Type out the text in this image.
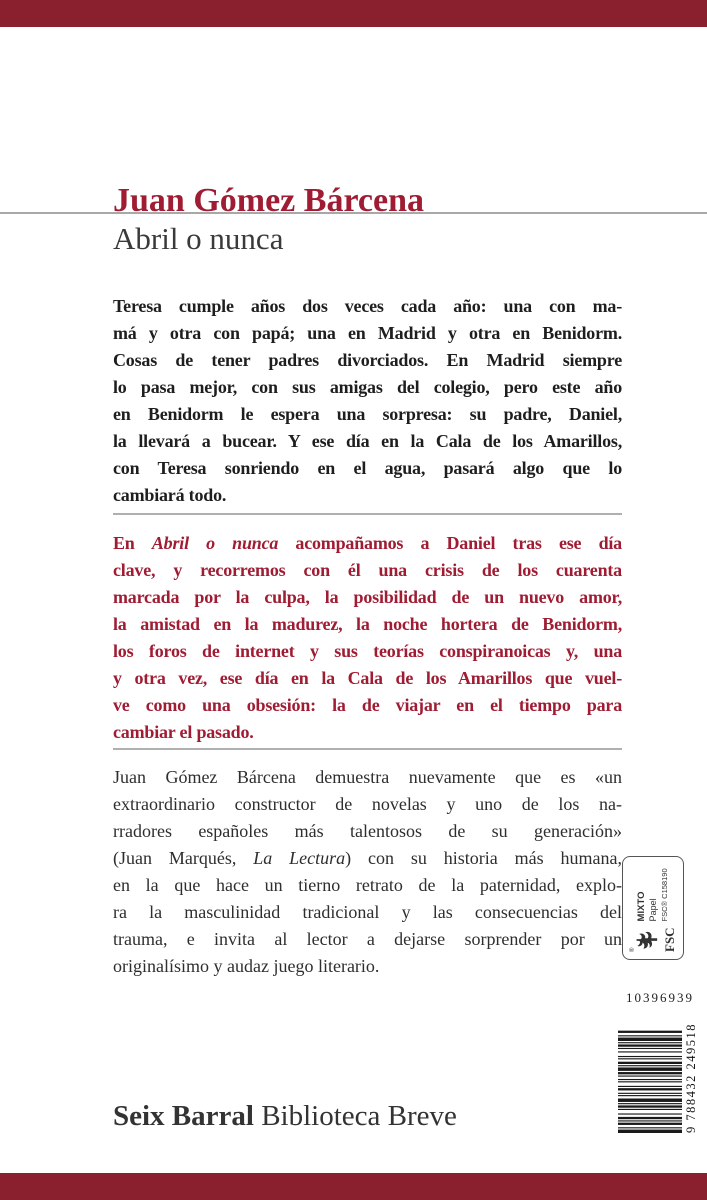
Juan Gómez Bárcena
Abril o nunca
Teresa cumple años dos veces cada año: una con ma-
má y otra con papá; una en Madrid y otra en Benidorm.
Cosas de tener padres divorciados. En Madrid siempre
lo pasa mejor, con sus amigas del colegio, pero este año
en Benidorm le espera una sorpresa: su padre, Daniel,
la llevará a bucear. Y ese día en la Cala de los Amarillos,
con Teresa sonriendo en el agua, pasará algo que lo
cambiará todo.
En Abril o nunca acompañamos a Daniel tras ese día
clave, y recorremos con él una crisis de los cuarenta
marcada por la culpa, la posibilidad de un nuevo amor,
la amistad en la madurez, la noche hortera de Benidorm,
los foros de internet y sus teorías conspiranoicas y, una
y otra vez, ese día en la Cala de los Amarillos que vuel-
ve como una obsesión: la de viajar en el tiempo para
cambiar el pasado.
Juan Gómez Bárcena demuestra nuevamente que es «un
extraordinario constructor de novelas y uno de los na-
rradores españoles más talentosos de su generación»
(Juan Marqués, La Lectura) con su historia más humana,
en la que hace un tierno retrato de la paternidad, explo-
ra la masculinidad tradicional y las consecuencias del
trauma, e invita al lector a dejarse sorprender por un
originalísimo y audaz juego literario.
® FSC
MIXTO Papel FSC® C158190
10396939
9 788432 249518
Seix Barral Biblioteca Breve
